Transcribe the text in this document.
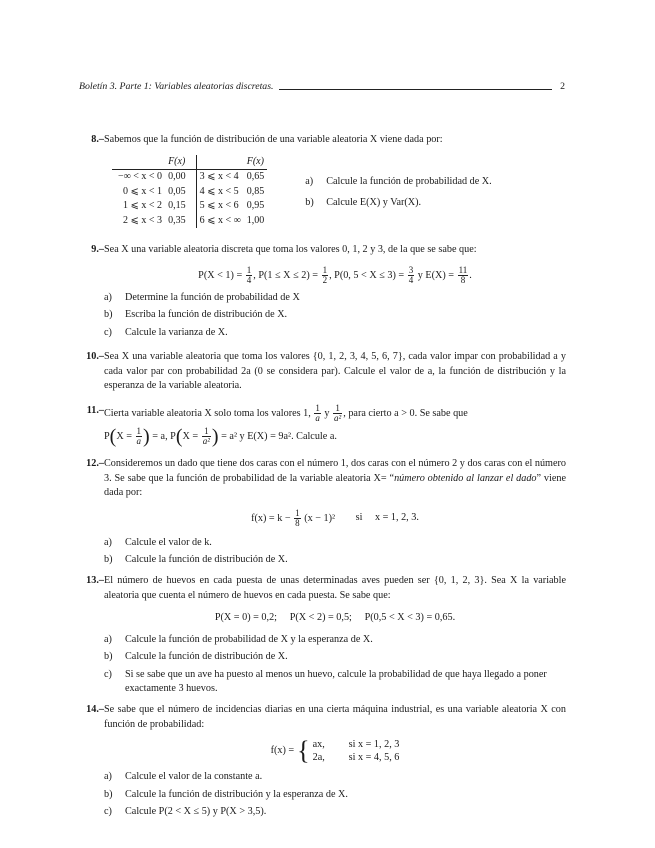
Boletín 3. Parte 1: Variables aleatorias discretas.	2
8.– Sabemos que la función de distribución de una variable aleatoria X viene dada por:
	F(x)		F(x)
−∞ < x < 0	0,00	3 ⩽ x < 4	0,65
0 ⩽ x < 1	0,05	4 ⩽ x < 5	0,85
1 ⩽ x < 2	0,15	5 ⩽ x < 6	0,95
2 ⩽ x < 3	0,35	6 ⩽ x < ∞	1,00
a)	Calcule la función de probabilidad de X.
b)	Calcule E(X) y Var(X).
9.– Sea X una variable aleatoria discreta que toma los valores 0, 1, 2 y 3, de la que se sabe que:
$P(X < 1) = \frac{1}{4}$ , $P(1 \le X \le 2) = \frac{1}{2}$ , P(0, $5 < X \le 3) = \frac{3}{4}$ y $E(X) = \frac{11}{8}$ .
a)	Determine la función de probabilidad de X
b)	Escriba la función de distribución de X.
c)	Calcule la varianza de X.
10.– Sea X una variable aleatoria que toma los valores {0, 1, 2, 3, 4, 5, 6, 7}, cada valor impar con probabilidad a y cada valor par con probabilidad 2a (0 se considera par). Calcule el valor de a, la función de distribución y la esperanza de la variable aleatoria.
11.– Cierta variable aleatoria X solo toma los valores 1, $\frac{1}{a}$ y $\frac{1}{\text{a²}}$ , para cierto a > 0. Se sabe que
$P(X = \frac{1}{a}$ ) = a, $P(X = \frac{1}{\text{a²}}$ ) = a² y E(X) = 9a². Calcule a.
12.– Consideremos un dado que tiene dos caras con el número 1, dos caras con el número 2 y dos caras con el número 3. Se sabe que la función de probabilidad de la variable aleatoria X= “número obtenido al lanzar el dado” viene dada por:
$f(x) = k - \frac{1}{8} (x - 1)^2$ si x = 1, 2, 3.
a)	Calcule el valor de k.
b)	Calcule la función de distribución de X.
13.– El número de huevos en cada puesta de unas determinadas aves pueden ser {0, 1, 2, 3}. Sea X la variable aleatoria que cuenta el número de huevos en cada puesta. Se sabe que:
P(X = 0) = 0,2;     P(X < 2) = 0,5;     P(0,5 < X < 3) = 0,65.
a)	Calcule la función de probabilidad de X y la esperanza de X.
b)	Calcule la función de distribución de X.
c)	Si se sabe que un ave ha puesto al menos un huevo, calcule la probabilidad de que haya llegado a poner exactamente 3 huevos.
14.– Se sabe que el número de incidencias diarias en una cierta máquina industrial, es una variable aleatoria X con función de probabilidad:
f(x) = { ax, si x = 1, 2, 3
2a, si x = 4, 5, 6
a)	Calcule el valor de la constante a.
b)	Calcule la función de distribución y la esperanza de X.
c)	Calcule P(2 < X ≤ 5) y P(X > 3,5).
